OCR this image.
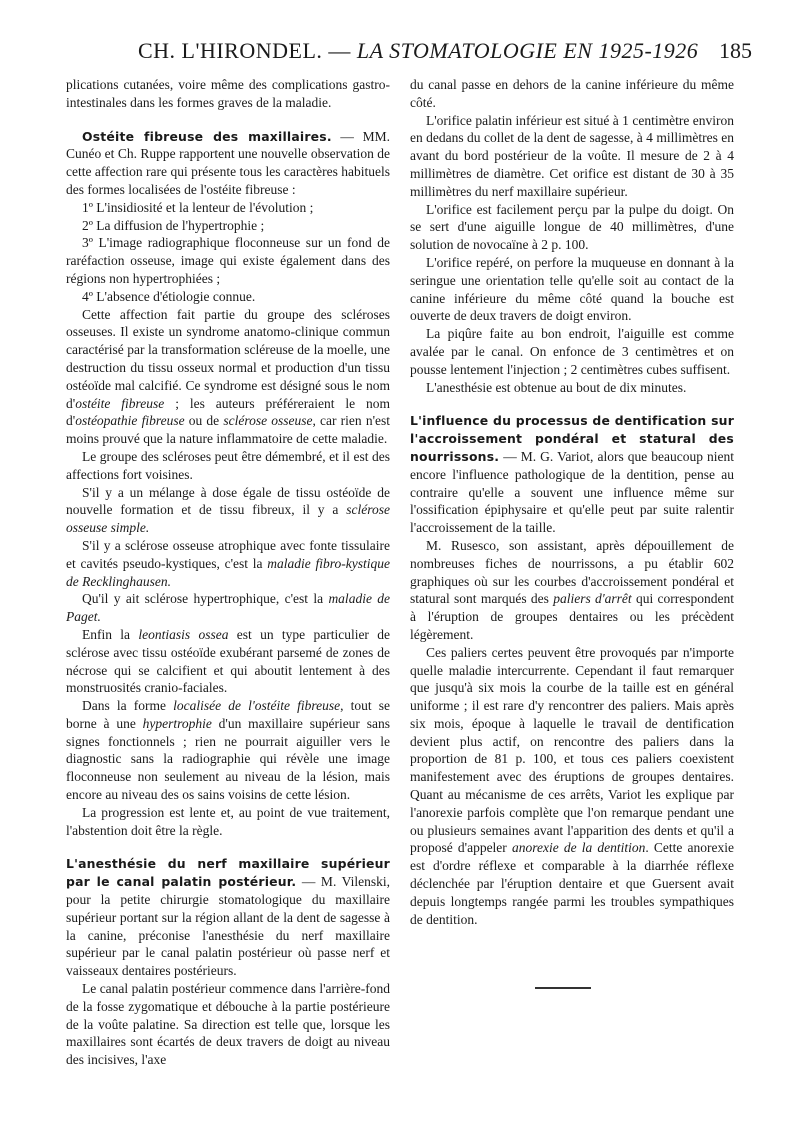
CH. L'HIRONDEL. — LA STOMATOLOGIE EN 1925-1926 185

plications cutanées, voire même des complications gastro-intestinales dans les formes graves de la maladie.

Ostéite fibreuse des maxillaires. — MM. Cunéo et Ch. Ruppe rapportent une nouvelle observation de cette affection rare qui présente tous les caractères habituels des formes localisées de l'ostéite fibreuse :

1º L'insidiosité et la lenteur de l'évolution ;

2º La diffusion de l'hypertrophie ;

3º L'image radiographique floconneuse sur un fond de raréfaction osseuse, image qui existe également dans des régions non hypertrophiées ;

4º L'absence d'étiologie connue.

Cette affection fait partie du groupe des scléroses osseuses. Il existe un syndrome anatomo-clinique commun caractérisé par la transformation scléreuse de la moelle, une destruction du tissu osseux normal et production d'un tissu ostéoïde mal calcifié. Ce syndrome est désigné sous le nom d'ostéite fibreuse ; les auteurs préféreraient le nom d'ostéopathie fibreuse ou de sclérose osseuse, car rien n'est moins prouvé que la nature inflammatoire de cette maladie.

Le groupe des scléroses peut être démembré, et il est des affections fort voisines.

S'il y a un mélange à dose égale de tissu ostéoïde de nouvelle formation et de tissu fibreux, il y a sclérose osseuse simple.

S'il y a sclérose osseuse atrophique avec fonte tissulaire et cavités pseudo-kystiques, c'est la maladie fibro-kystique de Recklinghausen.

Qu'il y ait sclérose hypertrophique, c'est la maladie de Paget.

Enfin la leontiasis ossea est un type particulier de sclérose avec tissu ostéoïde exubérant parsemé de zones de nécrose qui se calcifient et qui aboutit lentement à des monstruosités cranio-faciales.

Dans la forme localisée de l'ostéite fibreuse, tout se borne à une hypertrophie d'un maxillaire supérieur sans signes fonctionnels ; rien ne pourrait aiguiller vers le diagnostic sans la radiographie qui révèle une image floconneuse non seulement au niveau de la lésion, mais encore au niveau des os sains voisins de cette lésion.

La progression est lente et, au point de vue traitement, l'abstention doit être la règle.

L'anesthésie du nerf maxillaire supérieur par le canal palatin postérieur. — M. Vilenski, pour la petite chirurgie stomatologique du maxillaire supérieur portant sur la région allant de la dent de sagesse à la canine, préconise l'anesthésie du nerf maxillaire supérieur par le canal palatin postérieur où passe nerf et vaisseaux dentaires postérieurs.

Le canal palatin postérieur commence dans l'arrière-fond de la fosse zygomatique et débouche à la partie postérieure de la voûte palatine. Sa direction est telle que, lorsque les maxillaires sont écartés de deux travers de doigt au niveau des incisives, l'axe

du canal passe en dehors de la canine inférieure du même côté.

L'orifice palatin inférieur est situé à 1 centimètre environ en dedans du collet de la dent de sagesse, à 4 millimètres en avant du bord postérieur de la voûte. Il mesure de 2 à 4 millimètres de diamètre. Cet orifice est distant de 30 à 35 millimètres du nerf maxillaire supérieur.

L'orifice est facilement perçu par la pulpe du doigt. On se sert d'une aiguille longue de 40 millimètres, d'une solution de novocaïne à 2 p. 100.

L'orifice repéré, on perfore la muqueuse en donnant à la seringue une orientation telle qu'elle soit au contact de la canine inférieure du même côté quand la bouche est ouverte de deux travers de doigt environ.

La piqûre faite au bon endroit, l'aiguille est comme avalée par le canal. On enfonce de 3 centimètres et on pousse lentement l'injection ; 2 centimètres cubes suffisent.

L'anesthésie est obtenue au bout de dix minutes.

L'influence du processus de dentification sur l'accroissement pondéral et statural des nourrissons. — M. G. Variot, alors que beaucoup nient encore l'influence pathologique de la dentition, pense au contraire qu'elle a souvent une influence même sur l'ossification épiphysaire et qu'elle peut par suite ralentir l'accroissement de la taille.

M. Rusesco, son assistant, après dépouillement de nombreuses fiches de nourrissons, a pu établir 602 graphiques où sur les courbes d'accroissement pondéral et statural sont marqués des paliers d'arrêt qui correspondent à l'éruption de groupes dentaires ou les précèdent légèrement.

Ces paliers certes peuvent être provoqués par n'importe quelle maladie intercurrente. Cependant il faut remarquer que jusqu'à six mois la courbe de la taille est en général uniforme ; il est rare d'y rencontrer des paliers. Mais après six mois, époque à laquelle le travail de dentification devient plus actif, on rencontre des paliers dans la proportion de 81 p. 100, et tous ces paliers coexistent manifestement avec des éruptions de groupes dentaires. Quant au mécanisme de ces arrêts, Variot les explique par l'anorexie parfois complète que l'on remarque pendant une ou plusieurs semaines avant l'apparition des dents et qu'il a proposé d'appeler anorexie de la dentition. Cette anorexie est d'ordre réflexe et comparable à la diarrhée réflexe déclenchée par l'éruption dentaire et que Guersent avait depuis longtemps rangée parmi les troubles sympathiques de dentition.
